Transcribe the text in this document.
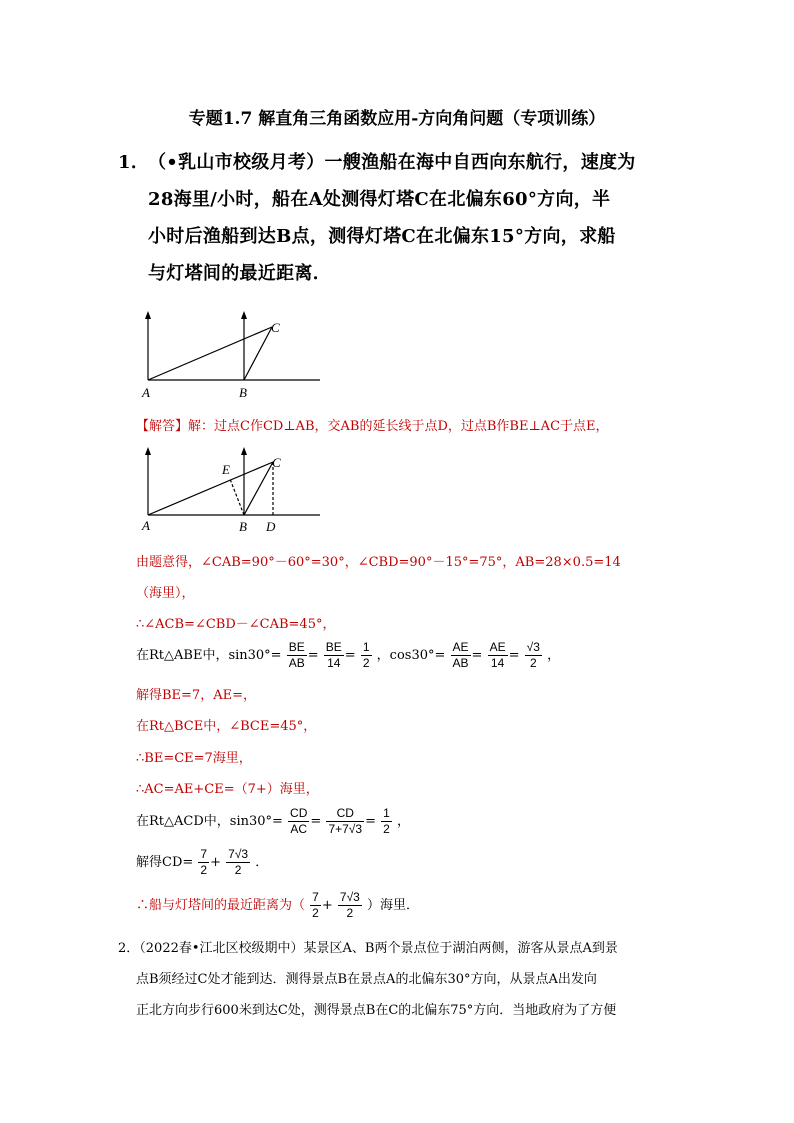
专题1.7 解直角三角函数应用-方向角问题（专项训练）
1．
（•乳山市校级月考）一艘渔船在海中自西向东航行，速度为
28海里/小时，船在A处测得灯塔C在北偏东60°方向，半
小时后渔船到达B点，测得灯塔C在北偏东15°方向，求船
与灯塔间的最近距离．
A	B
C
【解答】解：过点C作CD⊥AB，交AB的延长线于点D，过点B作BE⊥AC于点E，
A	B
C
D
E
由题意得，∠CAB=90°－60°=30°，∠CBD=90°－15°=75°，AB=28×0.5=14
（海里），
∴∠ACB=∠CBD－∠CAB=45°，
在Rt△ABE中，$\sin 30^\circ= \frac{BE}{AB} = \frac{BE}{14} = \frac{1}{2}$ ，$\cos 30^\circ= \frac{AE}{AB} = \frac{AE}{14} = \frac{√3}{2}$ ，
解得BE=7，AE=，
在Rt△BCE中，∠BCE=45°，
∴BE=CE=7海里，
∴AC=AE+CE=（7+）海里，
在Rt△ACD中，$\sin 30^\circ= \frac{CD}{AC} = \frac{CD}{7+7√3} = \frac{1}{2}$ ，
解得$CD= \frac{7}{2} + \frac{7√3}{2}$ ．
∴船与灯塔间的最近距离为（ $\frac{7}{2} + \frac{7√3}{2}$ ）海里．
2．（2022春•江北区校级期中）某景区A、B两个景点位于湖泊两侧，游客从景点A到景
点B须经过C处才能到达．测得景点B在景点A的北偏东30°方向，从景点A出发向
正北方向步行600米到达C处，测得景点B在C的北偏东75°方向．当地政府为了方便
